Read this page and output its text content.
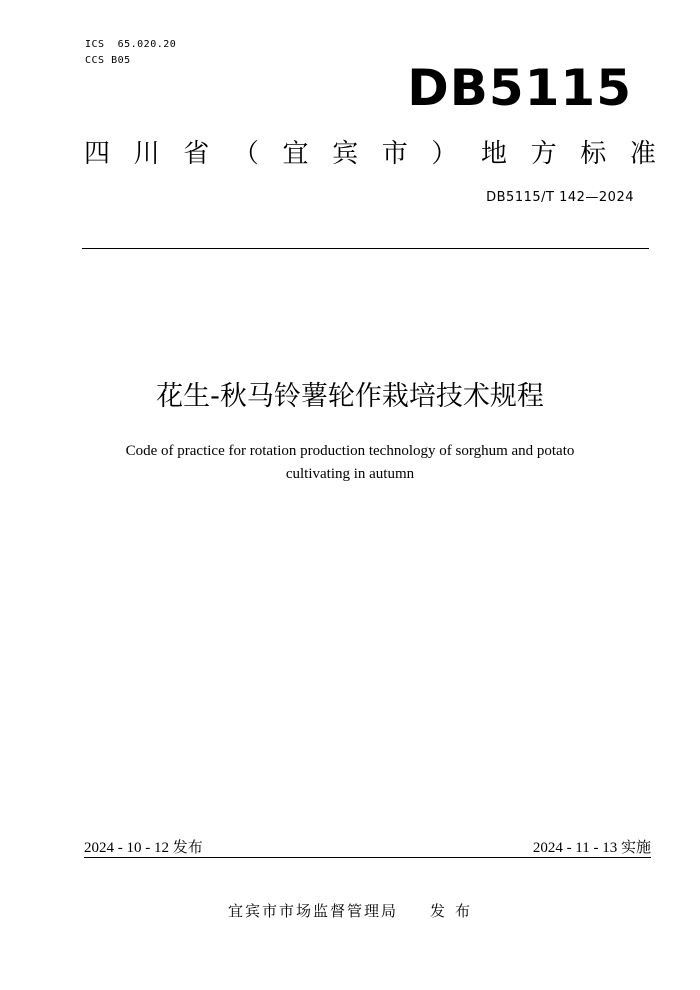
ICS  65.020.20
CCS B05	DB5115
四 川 省 （ 宜 宾 市 ） 地 方 标 准
DB5115/T 142—2024
花生-秋马铃薯轮作栽培技术规程
Code of practice for rotation production technology of sorghum and potato
cultivating in autumn
2024 - 10 - 12 发布	2024 - 11 - 13 实施
宜宾市市场监督管理局 发布
